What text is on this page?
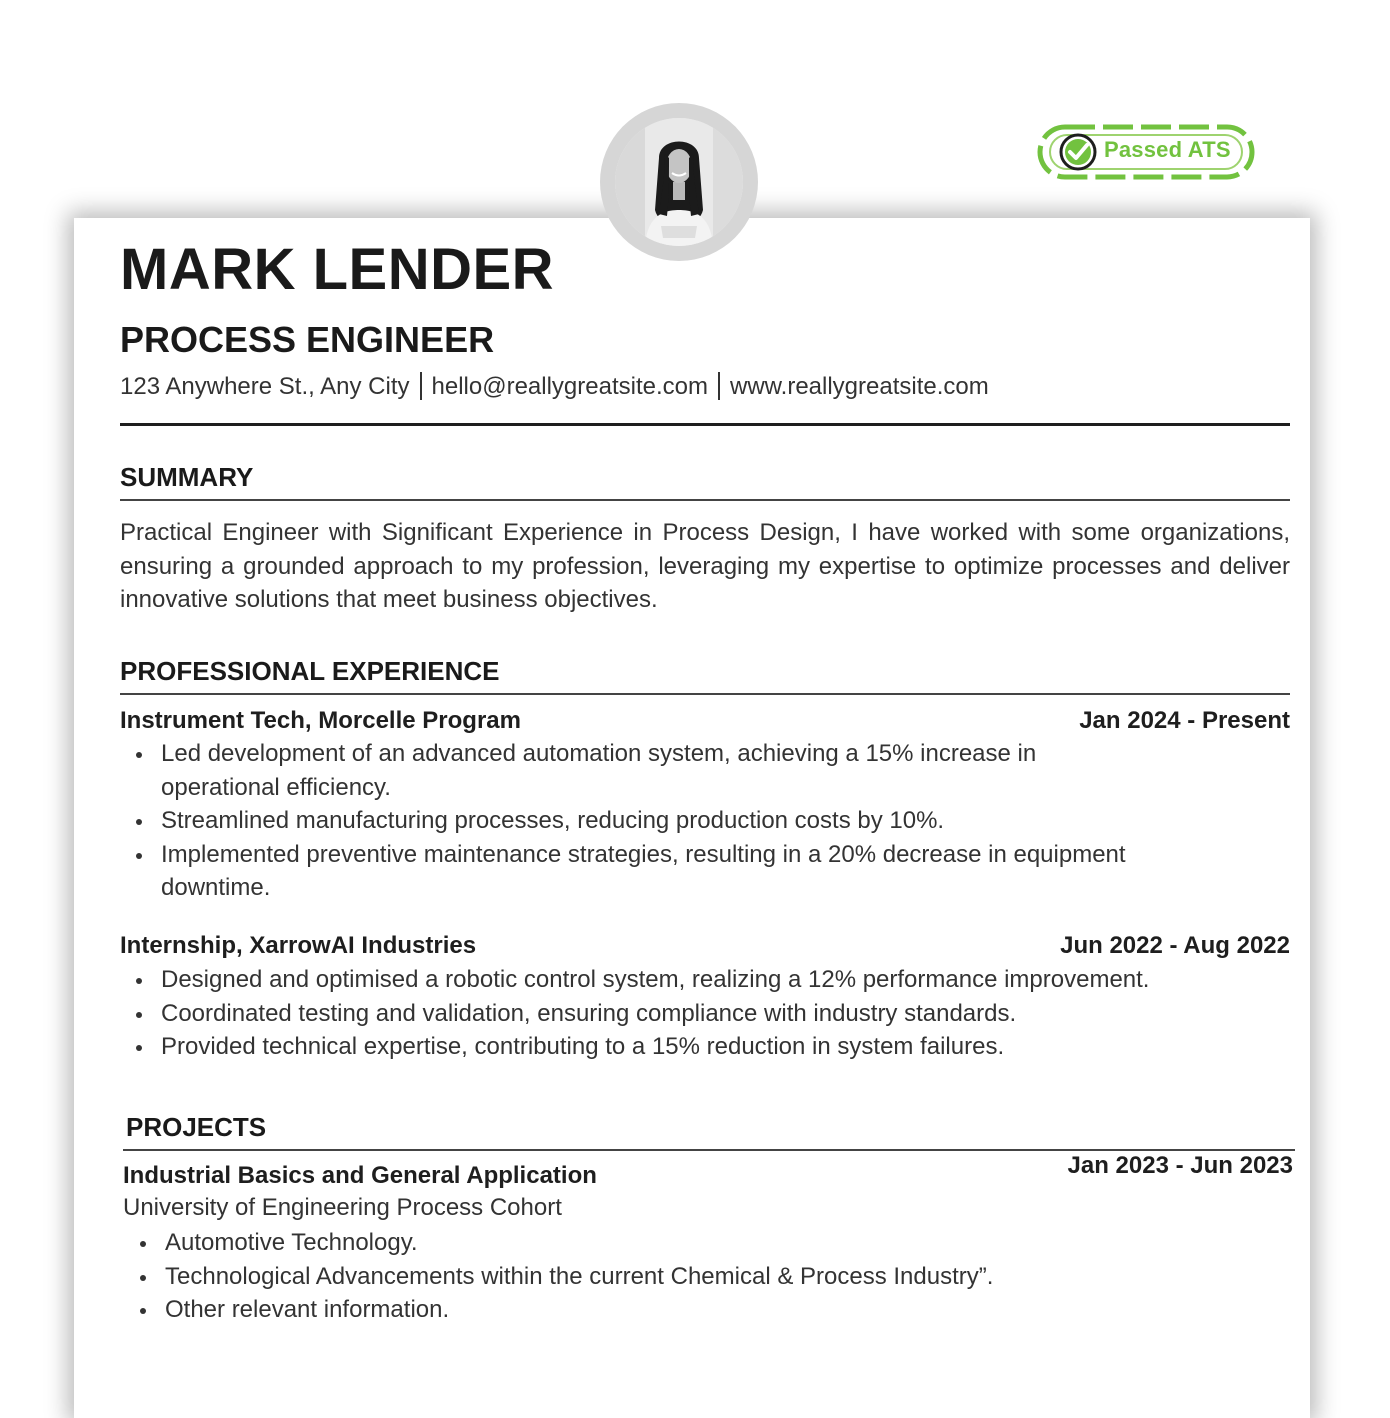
Passed ATS
MARK LENDER
PROCESS ENGINEER
123 Anywhere St., Any City hello@reallygreatsite.com www.reallygreatsite.com
SUMMARY

Practical Engineer with Significant Experience in Process Design, I have worked with some organizations, ensuring a grounded approach to my profession, leveraging my expertise to optimize processes and deliver innovative solutions that meet business objectives.

PROFESSIONAL EXPERIENCE
Instrument Tech, Morcelle Program	Jan 2024 - Present
Led development of an advanced automation system, achieving a 15% increase in operational efficiency.
Streamlined manufacturing processes, reducing production costs by 10%.
Implemented preventive maintenance strategies, resulting in a 20% decrease in equipment downtime.
Internship, XarrowAI Industries	Jun 2022 - Aug 2022
Designed and optimised a robotic control system, realizing a 12% performance improvement.
Coordinated testing and validation, ensuring compliance with industry standards.
Provided technical expertise, contributing to a 15% reduction in system failures.
PROJECTS
Industrial Basics and General Application	Jan 2023 - Jun 2023
University of Engineering Process Cohort
Automotive Technology.
Technological Advancements within the current Chemical & Process Industry”.
Other relevant information.
